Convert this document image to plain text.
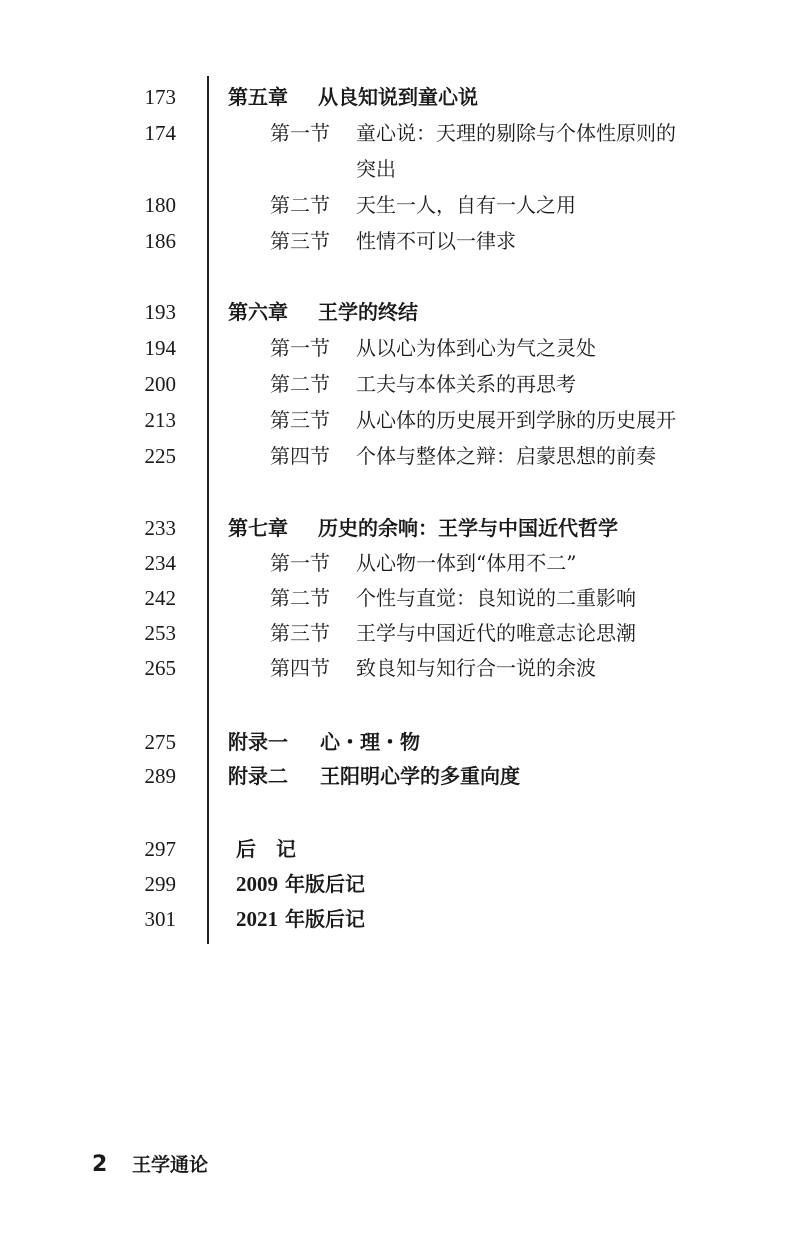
173	第五章 从良知说到童心说
174	第一节 童心说：天理的剔除与个体性原则的
突出
180	第二节 天生一人，自有一人之用
186	第三节 性情不可以一律求
193	第六章 王学的终结
194	第一节 从以心为体到心为气之灵处
200	第二节 工夫与本体关系的再思考
213	第三节 从心体的历史展开到学脉的历史展开
225	第四节 个体与整体之辩：启蒙思想的前奏
233	第七章 历史的余响：王学与中国近代哲学
234	第一节 从心物一体到“体用不二”
242	第二节 个性与直觉：良知说的二重影响
253	第三节 王学与中国近代的唯意志论思潮
265	第四节 致良知与知行合一说的余波
275	附录一 心・理・物
289	附录二 王阳明心学的多重向度
297	后　记
299	2009 年版后记
301	2021 年版后记
2 王学通论
